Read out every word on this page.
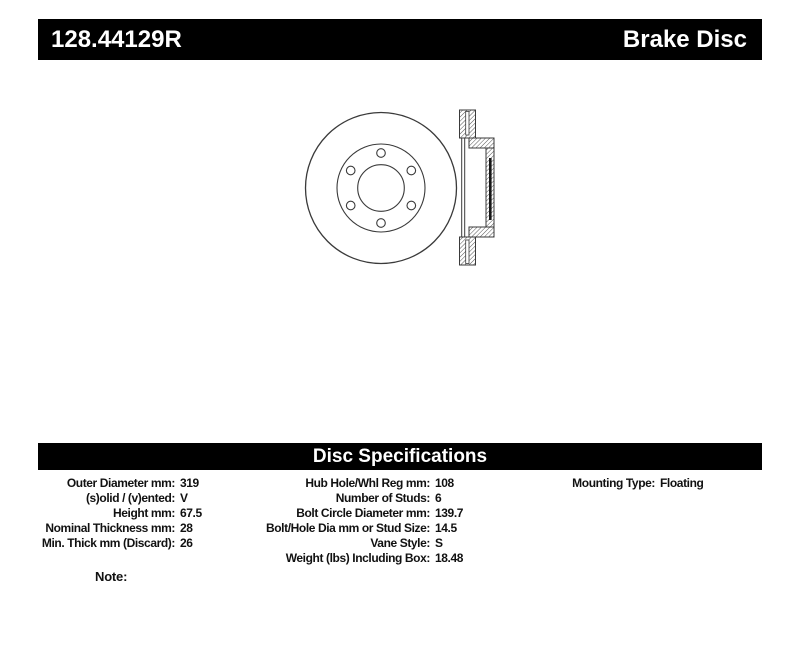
128.44129R	Brake Disc
Disc Specifications
Outer Diameter mm: 319
(s)olid / (v)ented: V
Height mm: 67.5
Nominal Thickness mm: 28
Min. Thick mm (Discard): 26
Hub Hole/Whl Reg mm: 108
Number of Studs: 6
Bolt Circle Diameter mm: 139.7
Bolt/Hole Dia mm or Stud Size: 14.5
Vane Style: S
Weight (lbs) Including Box: 18.48
Mounting Type: Floating
Note:
